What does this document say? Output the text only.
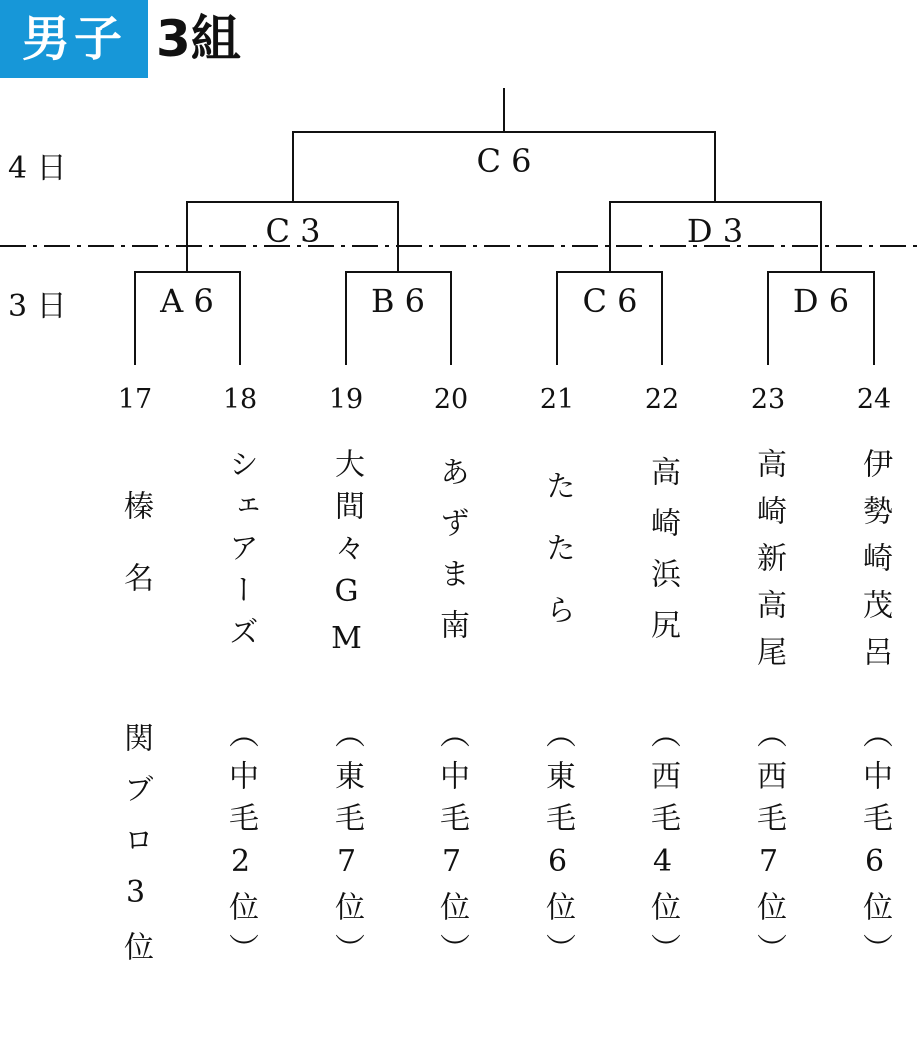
男子 3組
4 日
3 日
C 6
C 3	D 3
A 6	B 6	C 6	D 6
17	18	19	20	21	22	23	24
榛名 シェアーズ 大間々GM あずま南 たたら 高崎浜尻 高崎新高尾 伊勢崎茂呂
関ブロ3位 （中毛2位） （東毛7位） （中毛7位） （東毛6位） （西毛4位） （西毛7位） （中毛6位）
